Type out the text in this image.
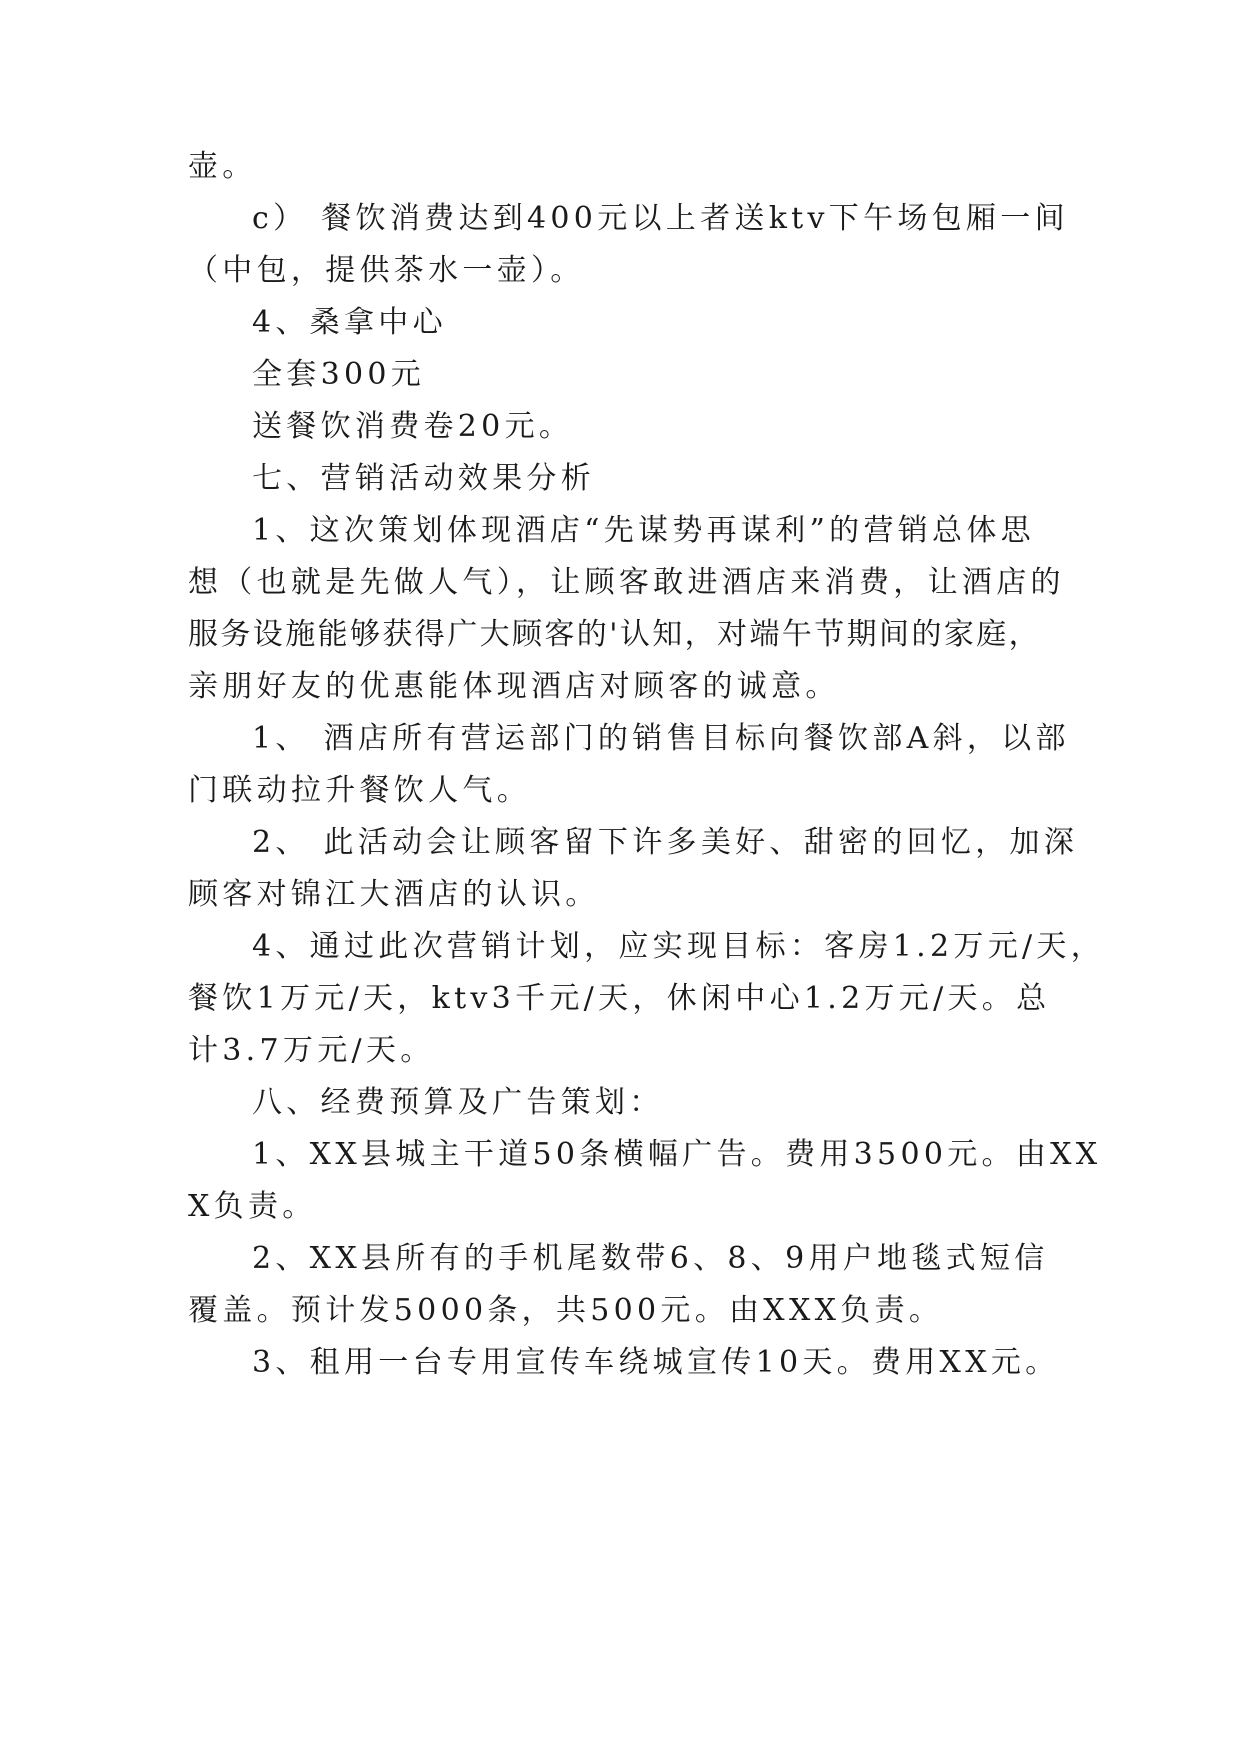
壶。
c） 餐饮消费达到400元以上者送ktv下午场包厢一间
（中包，提供茶水一壶）。
4、桑拿中心
全套300元
送餐饮消费卷20元。
七、营销活动效果分析
1、这次策划体现酒店“先谋势再谋利”的营销总体思
想（也就是先做人气），让顾客敢进酒店来消费，让酒店的
服务设施能够获得广大顾客的'认知，对端午节期间的家庭，
亲朋好友的优惠能体现酒店对顾客的诚意。
1、 酒店所有营运部门的销售目标向餐饮部A斜，以部
门联动拉升餐饮人气。
2、 此活动会让顾客留下许多美好、甜密的回忆，加深
顾客对锦江大酒店的认识。
4、通过此次营销计划，应实现目标：客房1.2万元/天，
餐饮1万元/天，ktv3千元/天，休闲中心1.2万元/天。总
计3.7万元/天。
八、经费预算及广告策划：
1、XX县城主干道50条横幅广告。费用3500元。由XX
X负责。
2、XX县所有的手机尾数带6、8、9用户地毯式短信
覆盖。预计发5000条，共500元。由XXX负责。
3、租用一台专用宣传车绕城宣传10天。费用XX元。
